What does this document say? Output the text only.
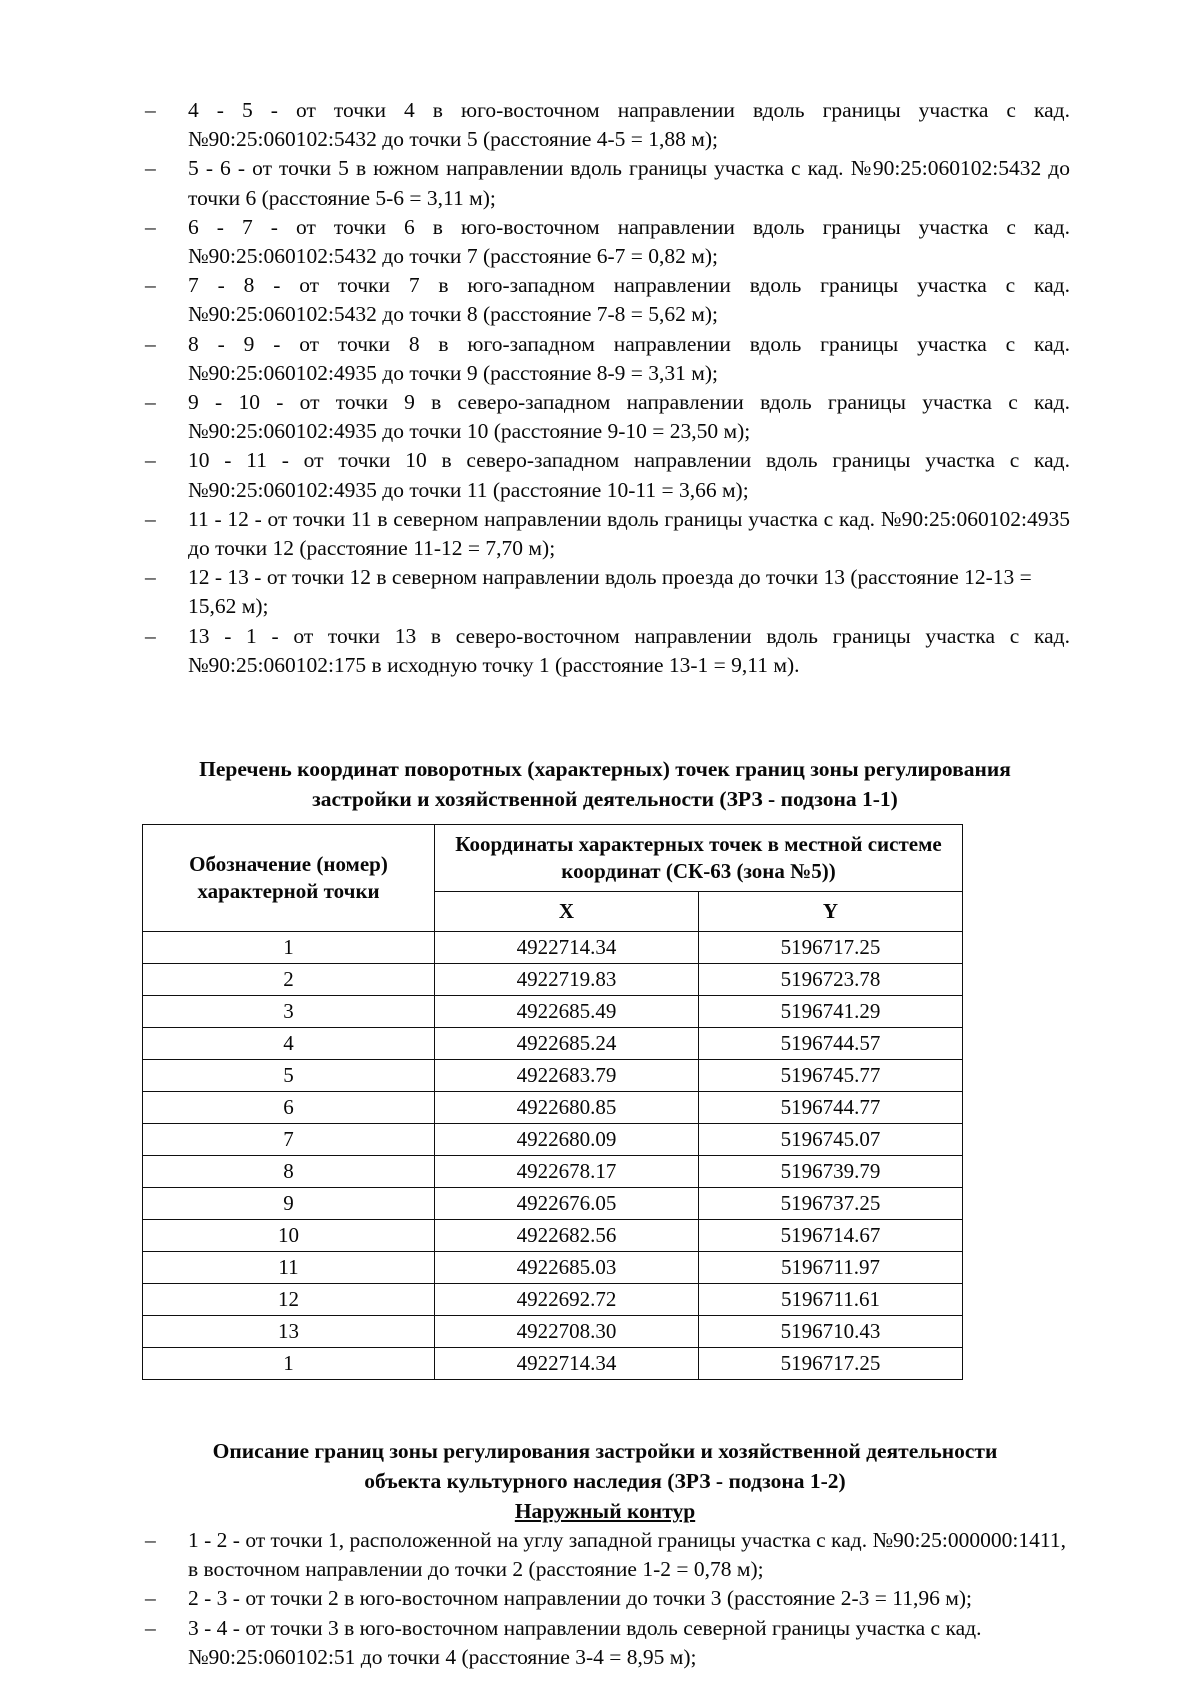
–	4 - 5 - от точки 4 в юго-восточном направлении вдоль границы участка с кад. №90:25:060102:5432 до точки 5 (расстояние 4-5 = 1,88 м);
–	5 - 6 - от точки 5 в южном направлении вдоль границы участка с кад. №90:25:060102:5432 до точки 6 (расстояние 5-6 = 3,11 м);
–	6 - 7 - от точки 6 в юго-восточном направлении вдоль границы участка с кад. №90:25:060102:5432 до точки 7 (расстояние 6-7 = 0,82 м);
–	7 - 8 - от точки 7 в юго-западном направлении вдоль границы участка с кад. №90:25:060102:5432 до точки 8 (расстояние 7-8 = 5,62 м);
–	8 - 9 - от точки 8 в юго-западном направлении вдоль границы участка с кад. №90:25:060102:4935 до точки 9 (расстояние 8-9 = 3,31 м);
–	9 - 10 - от точки 9 в северо-западном направлении вдоль границы участка с кад. №90:25:060102:4935 до точки 10 (расстояние 9-10 = 23,50 м);
–	10 - 11 - от точки 10 в северо-западном направлении вдоль границы участка с кад. №90:25:060102:4935 до точки 11 (расстояние 10-11 = 3,66 м);
–	11 - 12 - от точки 11 в северном направлении вдоль границы участка с кад. №90:25:060102:4935 до точки 12 (расстояние 11-12 = 7,70 м);
–	12 - 13 - от точки 12 в северном направлении вдоль проезда до точки 13 (расстояние 12-13 = 15,62 м);
–	13 - 1 - от точки 13 в северо-восточном направлении вдоль границы участка с кад. №90:25:060102:175 в исходную точку 1 (расстояние 13-1 = 9,11 м).
Перечень координат поворотных (характерных) точек границ зоны регулирования
застройки и хозяйственной деятельности (ЗРЗ - подзона 1-1)
Обозначение (номер) характерной точки	Координаты характерных точек в местной системе координат (СК-63 (зона №5))	
	X	Y
1	4922714.34	5196717.25
2	4922719.83	5196723.78
3	4922685.49	5196741.29
4	4922685.24	5196744.57
5	4922683.79	5196745.77
6	4922680.85	5196744.77
7	4922680.09	5196745.07
8	4922678.17	5196739.79
9	4922676.05	5196737.25
10	4922682.56	5196714.67
11	4922685.03	5196711.97
12	4922692.72	5196711.61
13	4922708.30	5196710.43
1	4922714.34	5196717.25
Описание границ зоны регулирования застройки и хозяйственной деятельности
объекта культурного наследия (ЗРЗ - подзона 1-2)
Наружный контур
–	1 - 2 - от точки 1, расположенной на углу западной границы участка с кад. №90:25:000000:1411, в восточном направлении до точки 2 (расстояние 1-2 = 0,78 м);
–	2 - 3 - от точки 2 в юго-восточном направлении до точки 3 (расстояние 2-3 = 11,96 м);
–	3 - 4 - от точки 3 в юго-восточном направлении вдоль северной границы участка с кад. №90:25:060102:51 до точки 4 (расстояние 3-4 = 8,95 м);
